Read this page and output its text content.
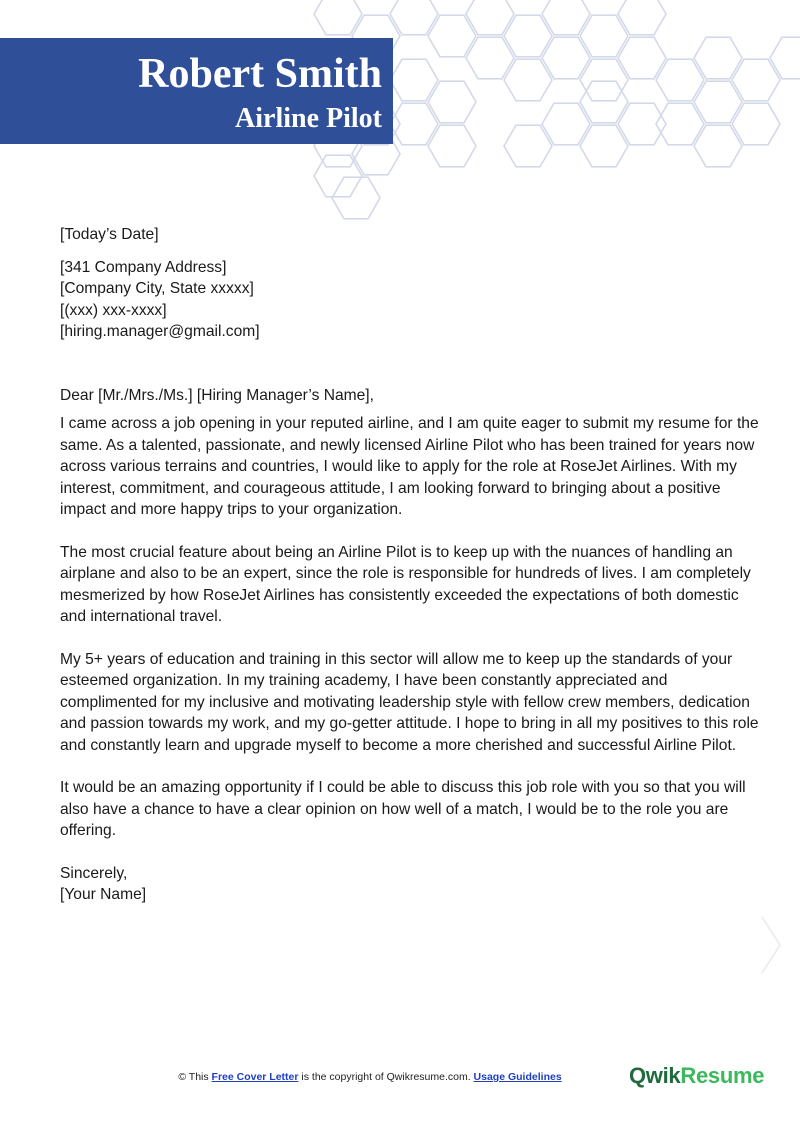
Robert Smith
Airline Pilot

[Today’s Date]

[341 Company Address]
[Company City, State xxxxx]
[(xxx) xxx-xxxx]
[hiring.manager@gmail.com]

Dear [Mr./Mrs./Ms.] [Hiring Manager’s Name],

I came across a job opening in your reputed airline, and I am quite eager to submit my resume for the same. As a talented, passionate, and newly licensed Airline Pilot who has been trained for years now across various terrains and countries, I would like to apply for the role at RoseJet Airlines. With my interest, commitment, and courageous attitude, I am looking forward to bringing about a positive impact and more happy trips to your organization.

The most crucial feature about being an Airline Pilot is to keep up with the nuances of handling an airplane and also to be an expert, since the role is responsible for hundreds of lives. I am completely mesmerized by how RoseJet Airlines has consistently exceeded the expectations of both domestic and international travel.

My 5+ years of education and training in this sector will allow me to keep up the standards of your esteemed organization. In my training academy, I have been constantly appreciated and complimented for my inclusive and motivating leadership style with fellow crew members, dedication and passion towards my work, and my go-getter attitude. I hope to bring in all my positives to this role and constantly learn and upgrade myself to become a more cherished and successful Airline Pilot.

It would be an amazing opportunity if I could be able to discuss this job role with you so that you will also have a chance to have a clear opinion on how well of a match, I would be to the role you are offering.

Sincerely,
[Your Name]
© This Free Cover Letter is the copyright of Qwikresume.com. Usage Guidelines	QwikResume
